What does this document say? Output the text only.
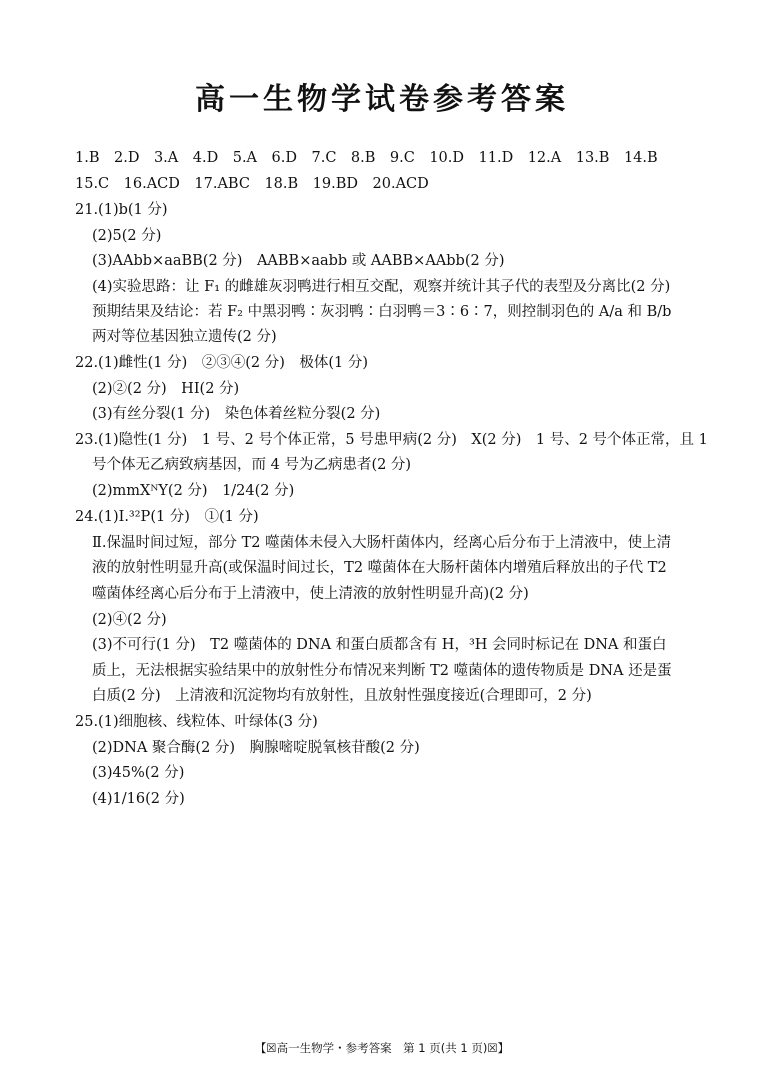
高一生物学试卷参考答案
1.B　2.D　3.A　4.D　5.A　6.D　7.C　8.B　9.C　10.D　11.D　12.A　13.B　14.B
15.C　16.ACD　17.ABC　18.B　19.BD　20.ACD
21.(1)b(1 分)
(2)5(2 分)
(3)AAbb×aaBB(2 分)　AABB×aabb 或 AABB×AAbb(2 分)
(4)实验思路：让 F₁ 的雌雄灰羽鸭进行相互交配，观察并统计其子代的表型及分离比(2 分)
预期结果及结论：若 F₂ 中黑羽鸭∶灰羽鸭∶白羽鸭＝3∶6∶7，则控制羽色的 A/a 和 B/b
两对等位基因独立遗传(2 分)
22.(1)雌性(1 分)　②③④(2 分)　极体(1 分)
(2)②(2 分)　HI(2 分)
(3)有丝分裂(1 分)　染色体着丝粒分裂(2 分)
23.(1)隐性(1 分)　1 号、2 号个体正常，5 号患甲病(2 分)　X(2 分)　1 号、2 号个体正常，且 1
号个体无乙病致病基因，而 4 号为乙病患者(2 分)
(2)mmXᴺY(2 分)　1/24(2 分)
24.(1)Ⅰ.³²P(1 分)　①(1 分)
Ⅱ.保温时间过短，部分 T2 噬菌体未侵入大肠杆菌体内，经离心后分布于上清液中，使上清
液的放射性明显升高(或保温时间过长，T2 噬菌体在大肠杆菌体内增殖后释放出的子代 T2
噬菌体经离心后分布于上清液中，使上清液的放射性明显升高)(2 分)
(2)④(2 分)
(3)不可行(1 分)　T2 噬菌体的 DNA 和蛋白质都含有 H，³H 会同时标记在 DNA 和蛋白
质上，无法根据实验结果中的放射性分布情况来判断 T2 噬菌体的遗传物质是 DNA 还是蛋
白质(2 分)　上清液和沉淀物均有放射性，且放射性强度接近(合理即可，2 分)
25.(1)细胞核、线粒体、叶绿体(3 分)
(2)DNA 聚合酶(2 分)　胸腺嘧啶脱氧核苷酸(2 分)
(3)45%(2 分)
(4)1/16(2 分)
【☒高一生物学・参考答案　第 1 页(共 1 页)☒】
